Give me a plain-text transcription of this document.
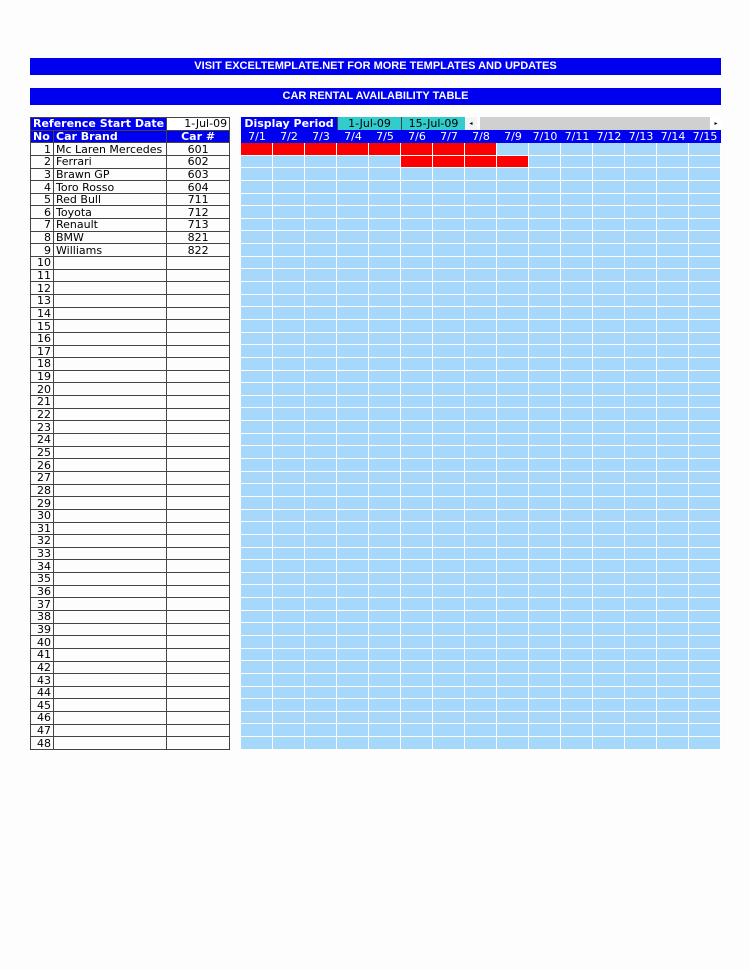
VISIT EXCELTEMPLATE.NET FOR MORE TEMPLATES AND UPDATES
CAR RENTAL AVAILABILITY TABLE
Reference Start Date		1-Jul-09
No	Car Brand	Car #
1	Mc Laren Mercedes	601
2	Ferrari	602
3	Brawn GP	603
4	Toro Rosso	604
5	Red Bull	711
6	Toyota	712
7	Renault	713
8	BMW	821
9	Williams	822
10		
11		
12		
13		
14		
15		
16		
17		
18		
19		
20		
21		
22		
23		
24		
25		
26		
27		
28		
29		
30		
31		
32		
33		
34		
35		
36		
37		
38		
39		
40		
41		
42		
43		
44		
45		
46		
47		
48		
Display Period	1-Jul-09	15-Jul-09	◂	▸
7/1	7/2	7/3	7/4	7/5	7/6	7/7	7/8	7/9 7/10 7/11 7/12 7/13 7/14 7/15
